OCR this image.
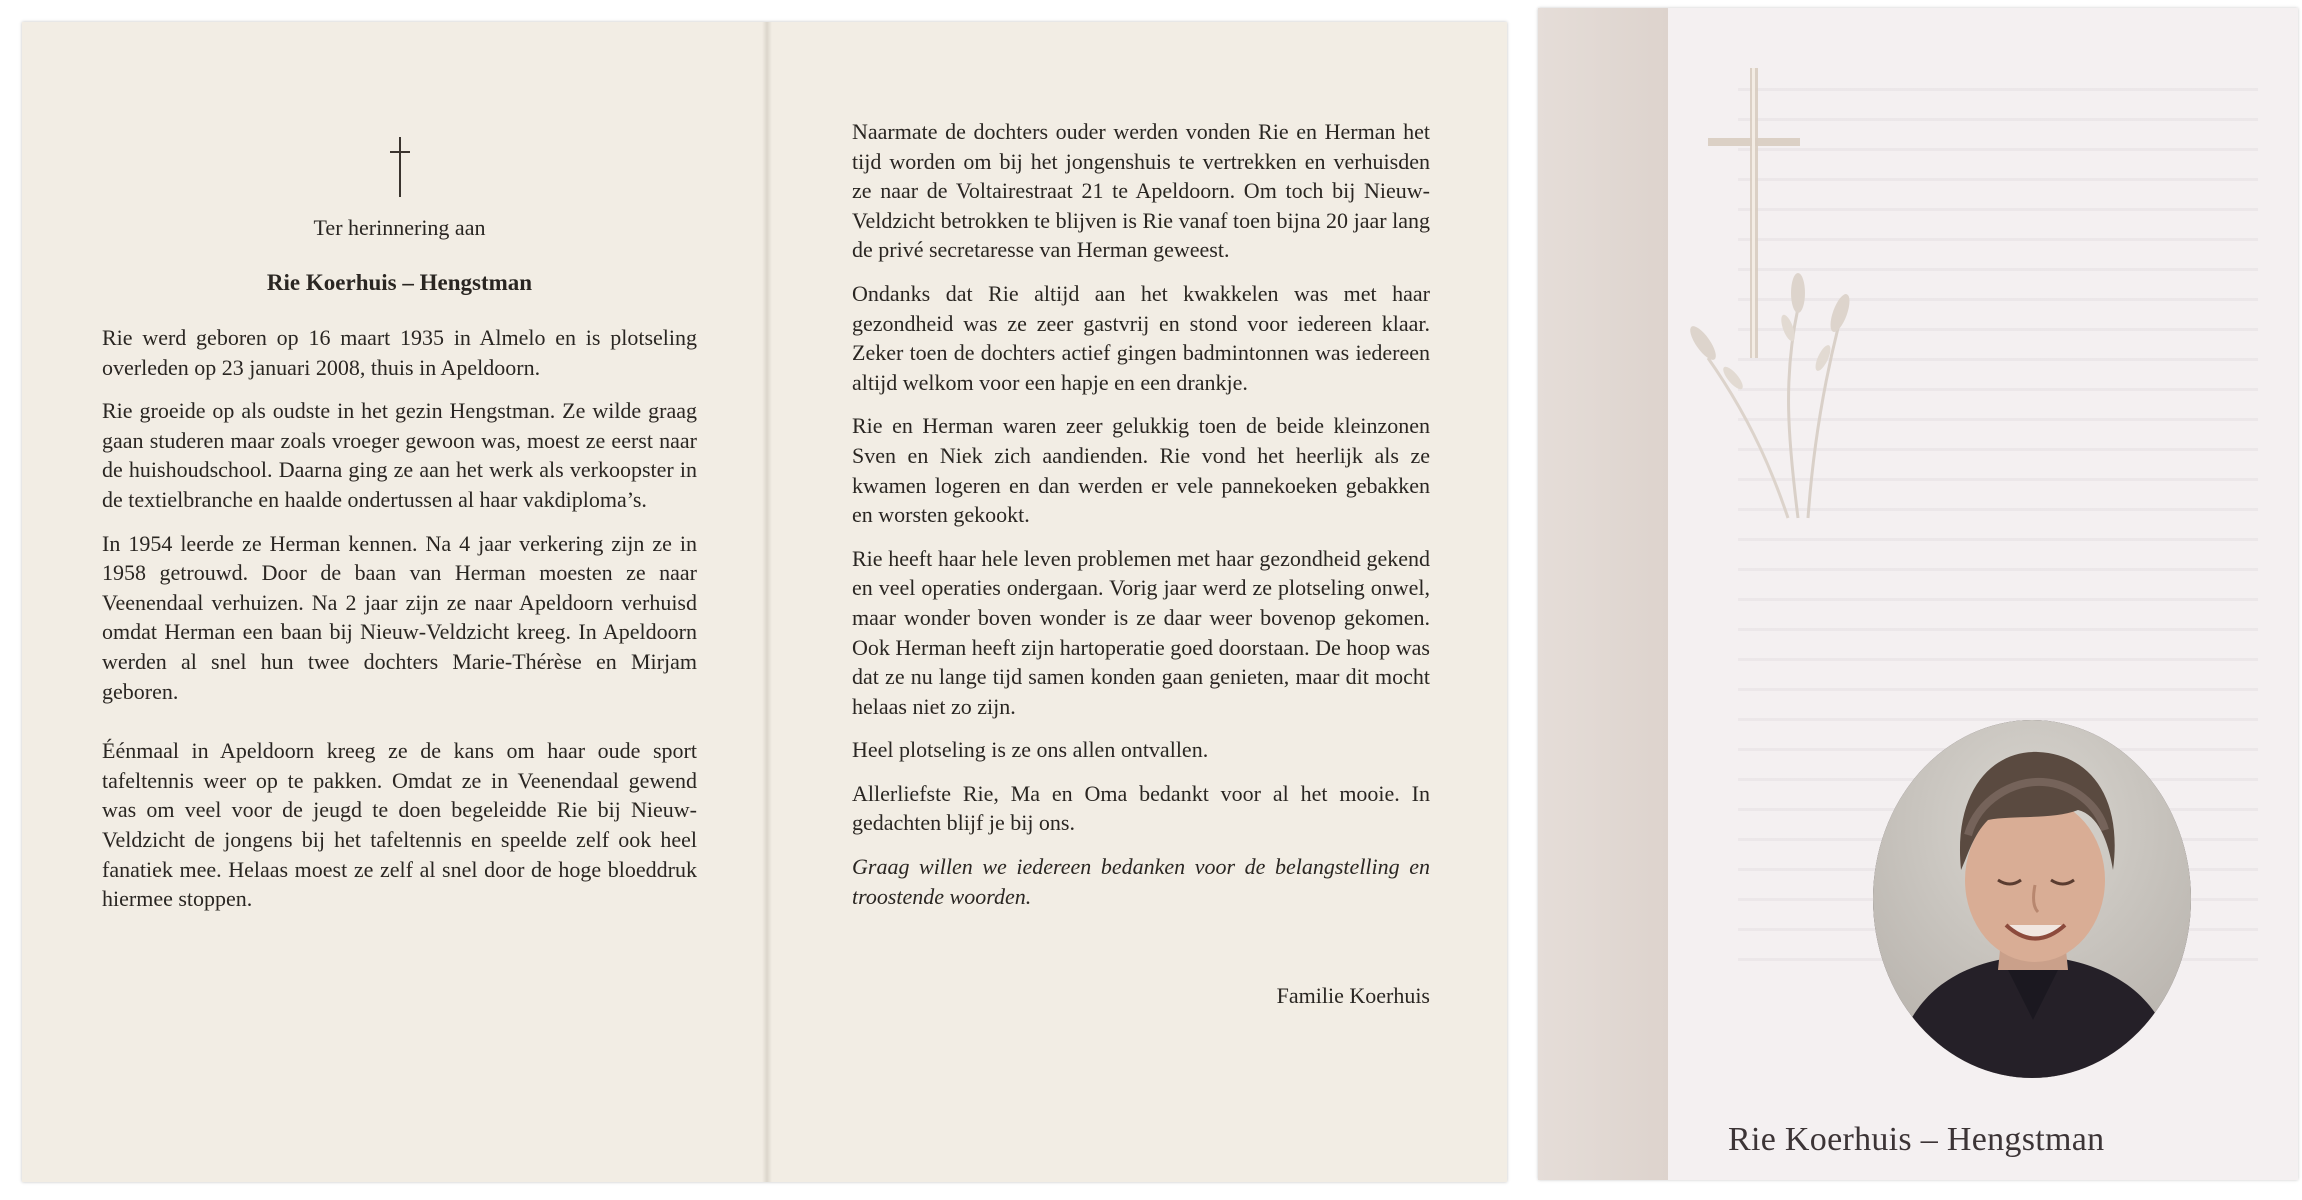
Ter herinnering aan
Rie Koerhuis – Hengstman

Rie werd geboren op 16 maart 1935 in Almelo en is plotseling overleden op 23 januari 2008, thuis in Apeldoorn.

Rie groeide op als oudste in het gezin Hengstman. Ze wilde graag gaan studeren maar zoals vroeger gewoon was, moest ze eerst naar de huishoudschool. Daarna ging ze aan het werk als verkoopster in de textielbranche en haalde ondertussen al haar vakdiploma’s.

In 1954 leerde ze Herman kennen. Na 4 jaar verkering zijn ze in 1958 getrouwd. Door de baan van Herman moesten ze naar Veenendaal verhuizen. Na 2 jaar zijn ze naar Apeldoorn verhuisd omdat Herman een baan bij Nieuw-Veldzicht kreeg. In Apeldoorn werden al snel hun twee dochters Marie-Thérèse en Mirjam geboren.

Éénmaal in Apeldoorn kreeg ze de kans om haar oude sport tafeltennis weer op te pakken. Omdat ze in Veenendaal gewend was om veel voor de jeugd te doen begeleidde Rie bij Nieuw-Veldzicht de jongens bij het tafeltennis en speelde zelf ook heel fanatiek mee. Helaas moest ze zelf al snel door de hoge bloeddruk hiermee stoppen.

Naarmate de dochters ouder werden vonden Rie en Herman het tijd worden om bij het jongenshuis te vertrekken en verhuisden ze naar de Voltairestraat 21 te Apeldoorn. Om toch bij Nieuw-Veldzicht betrokken te blijven is Rie vanaf toen bijna 20 jaar lang de privé secretaresse van Herman geweest.

Ondanks dat Rie altijd aan het kwakkelen was met haar gezondheid was ze zeer gastvrij en stond voor iedereen klaar. Zeker toen de dochters actief gingen badmintonnen was iedereen altijd welkom voor een hapje en een drankje.

Rie en Herman waren zeer gelukkig toen de beide kleinzonen Sven en Niek zich aandienden. Rie vond het heerlijk als ze kwamen logeren en dan werden er vele pannekoeken gebakken en worsten gekookt.

Rie heeft haar hele leven problemen met haar gezondheid gekend en veel operaties ondergaan. Vorig jaar werd ze plotseling onwel, maar wonder boven wonder is ze daar weer bovenop gekomen. Ook Herman heeft zijn hartoperatie goed doorstaan. De hoop was dat ze nu lange tijd samen konden gaan genieten, maar dit mocht helaas niet zo zijn.

Heel plotseling is ze ons allen ontvallen.

Allerliefste Rie, Ma en Oma bedankt voor al het mooie. In gedachten blijf je bij ons.

Graag willen we iedereen bedanken voor de belangstelling en troostende woorden.

Familie Koerhuis
Rie Koerhuis – Hengstman
